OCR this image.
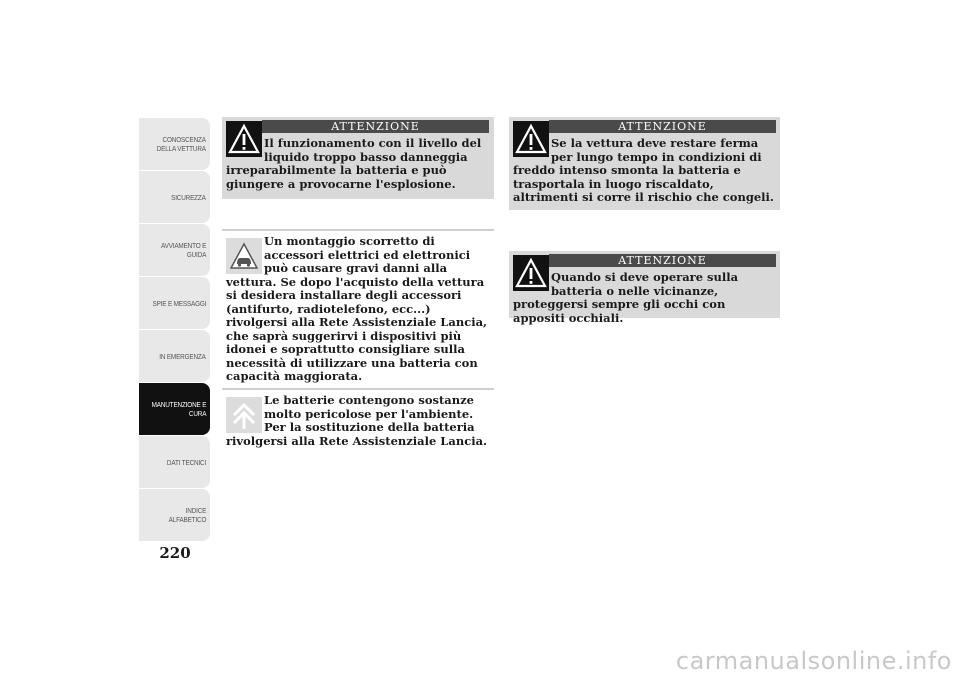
CONOSCENZA
DELLA VETTURA
SICUREZZA
AVVIAMENTO E
GUIDA
SPIE E MESSAGGI
IN EMERGENZA
MANUTENZIONE E
CURA
DATI TECNICI
INDICE
ALFABETICO
220
ATTENZIONE
Il funzionamento con il livello del liquido troppo basso danneggia irreparabilmente la batteria e può giungere a provocarne l'esplosione.
Un montaggio scorretto di accessori elettrici ed elettronici può causare gravi danni alla vettura. Se dopo l'acquisto della vettura si desidera installare degli accessori (antifurto, radiotelefono, ecc...) rivolgersi alla Rete Assistenziale Lancia, che saprà suggerirvi i dispositivi più idonei e soprattutto consigliare sulla necessità di utilizzare una batteria con capacità maggiorata.
Le batterie contengono sostanze molto pericolose per l'ambiente. Per la sostituzione della batteria rivolgersi alla Rete Assistenziale Lancia.
ATTENZIONE
Se la vettura deve restare ferma per lungo tempo in condizioni di freddo intenso smonta la batteria e trasportala in luogo riscaldato, altrimenti si corre il rischio che congeli.
ATTENZIONE
Quando si deve operare sulla batteria o nelle vicinanze, proteggersi sempre gli occhi con appositi occhiali.
carmanualsonline.info
